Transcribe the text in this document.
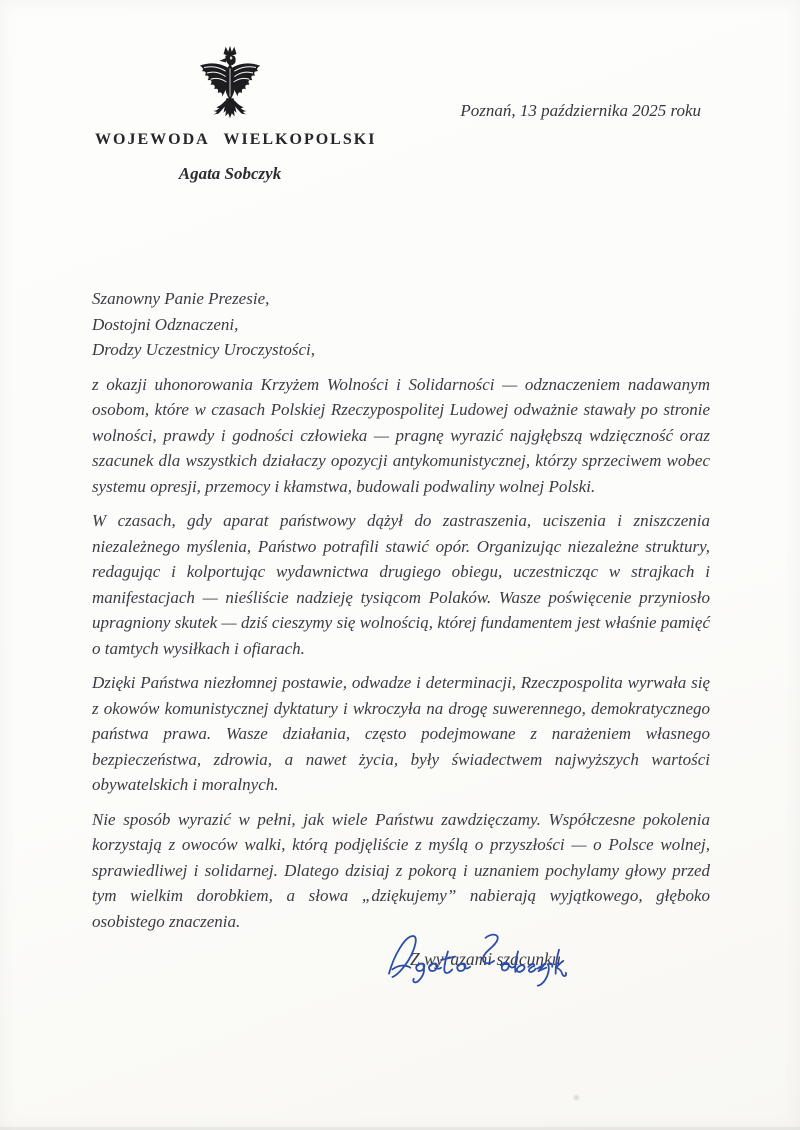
WOJEWODA WIELKOPOLSKI
Agata Sobczyk
Poznań, 13 października 2025 roku
Szanowny Panie Prezesie,
Dostojni Odznaczeni,
Drodzy Uczestnicy Uroczystości,

z okazji uhonorowania Krzyżem Wolności i Solidarności — odznaczeniem nadawanym osobom, które w czasach Polskiej Rzeczypospolitej Ludowej odważnie stawały po stronie wolności, prawdy i godności człowieka — pragnę wyrazić najgłębszą wdzięczność oraz szacunek dla wszystkich działaczy opozycji antykomunistycznej, którzy sprzeciwem wobec systemu opresji, przemocy i kłamstwa, budowali podwaliny wolnej Polski.

W czasach, gdy aparat państwowy dążył do zastraszenia, uciszenia i zniszczenia niezależnego myślenia, Państwo potrafili stawić opór. Organizując niezależne struktury, redagując i kolportując wydawnictwa drugiego obiegu, uczestnicząc w strajkach i manifestacjach — nieśliście nadzieję tysiącom Polaków. Wasze poświęcenie przyniosło upragniony skutek — dziś cieszymy się wolnością, której fundamentem jest właśnie pamięć o tamtych wysiłkach i ofiarach.

Dzięki Państwa niezłomnej postawie, odwadze i determinacji, Rzeczpospolita wyrwała się z okowów komunistycznej dyktatury i wkroczyła na drogę suwerennego, demokratycznego państwa prawa. Wasze działania, często podejmowane z narażeniem własnego bezpieczeństwa, zdrowia, a nawet życia, były świadectwem najwyższych wartości obywatelskich i moralnych.

Nie sposób wyrazić w pełni, jak wiele Państwu zawdzięczamy. Współczesne pokolenia korzystają z owoców walki, którą podjęliście z myślą o przyszłości — o Polsce wolnej, sprawiedliwej i solidarnej. Dlatego dzisiaj z pokorą i uznaniem pochylamy głowy przed tym wielkim dorobkiem, a słowa „dziękujemy” nabierają wyjątkowego, głęboko osobistego znaczenia.

Z wyrazami szacunku
